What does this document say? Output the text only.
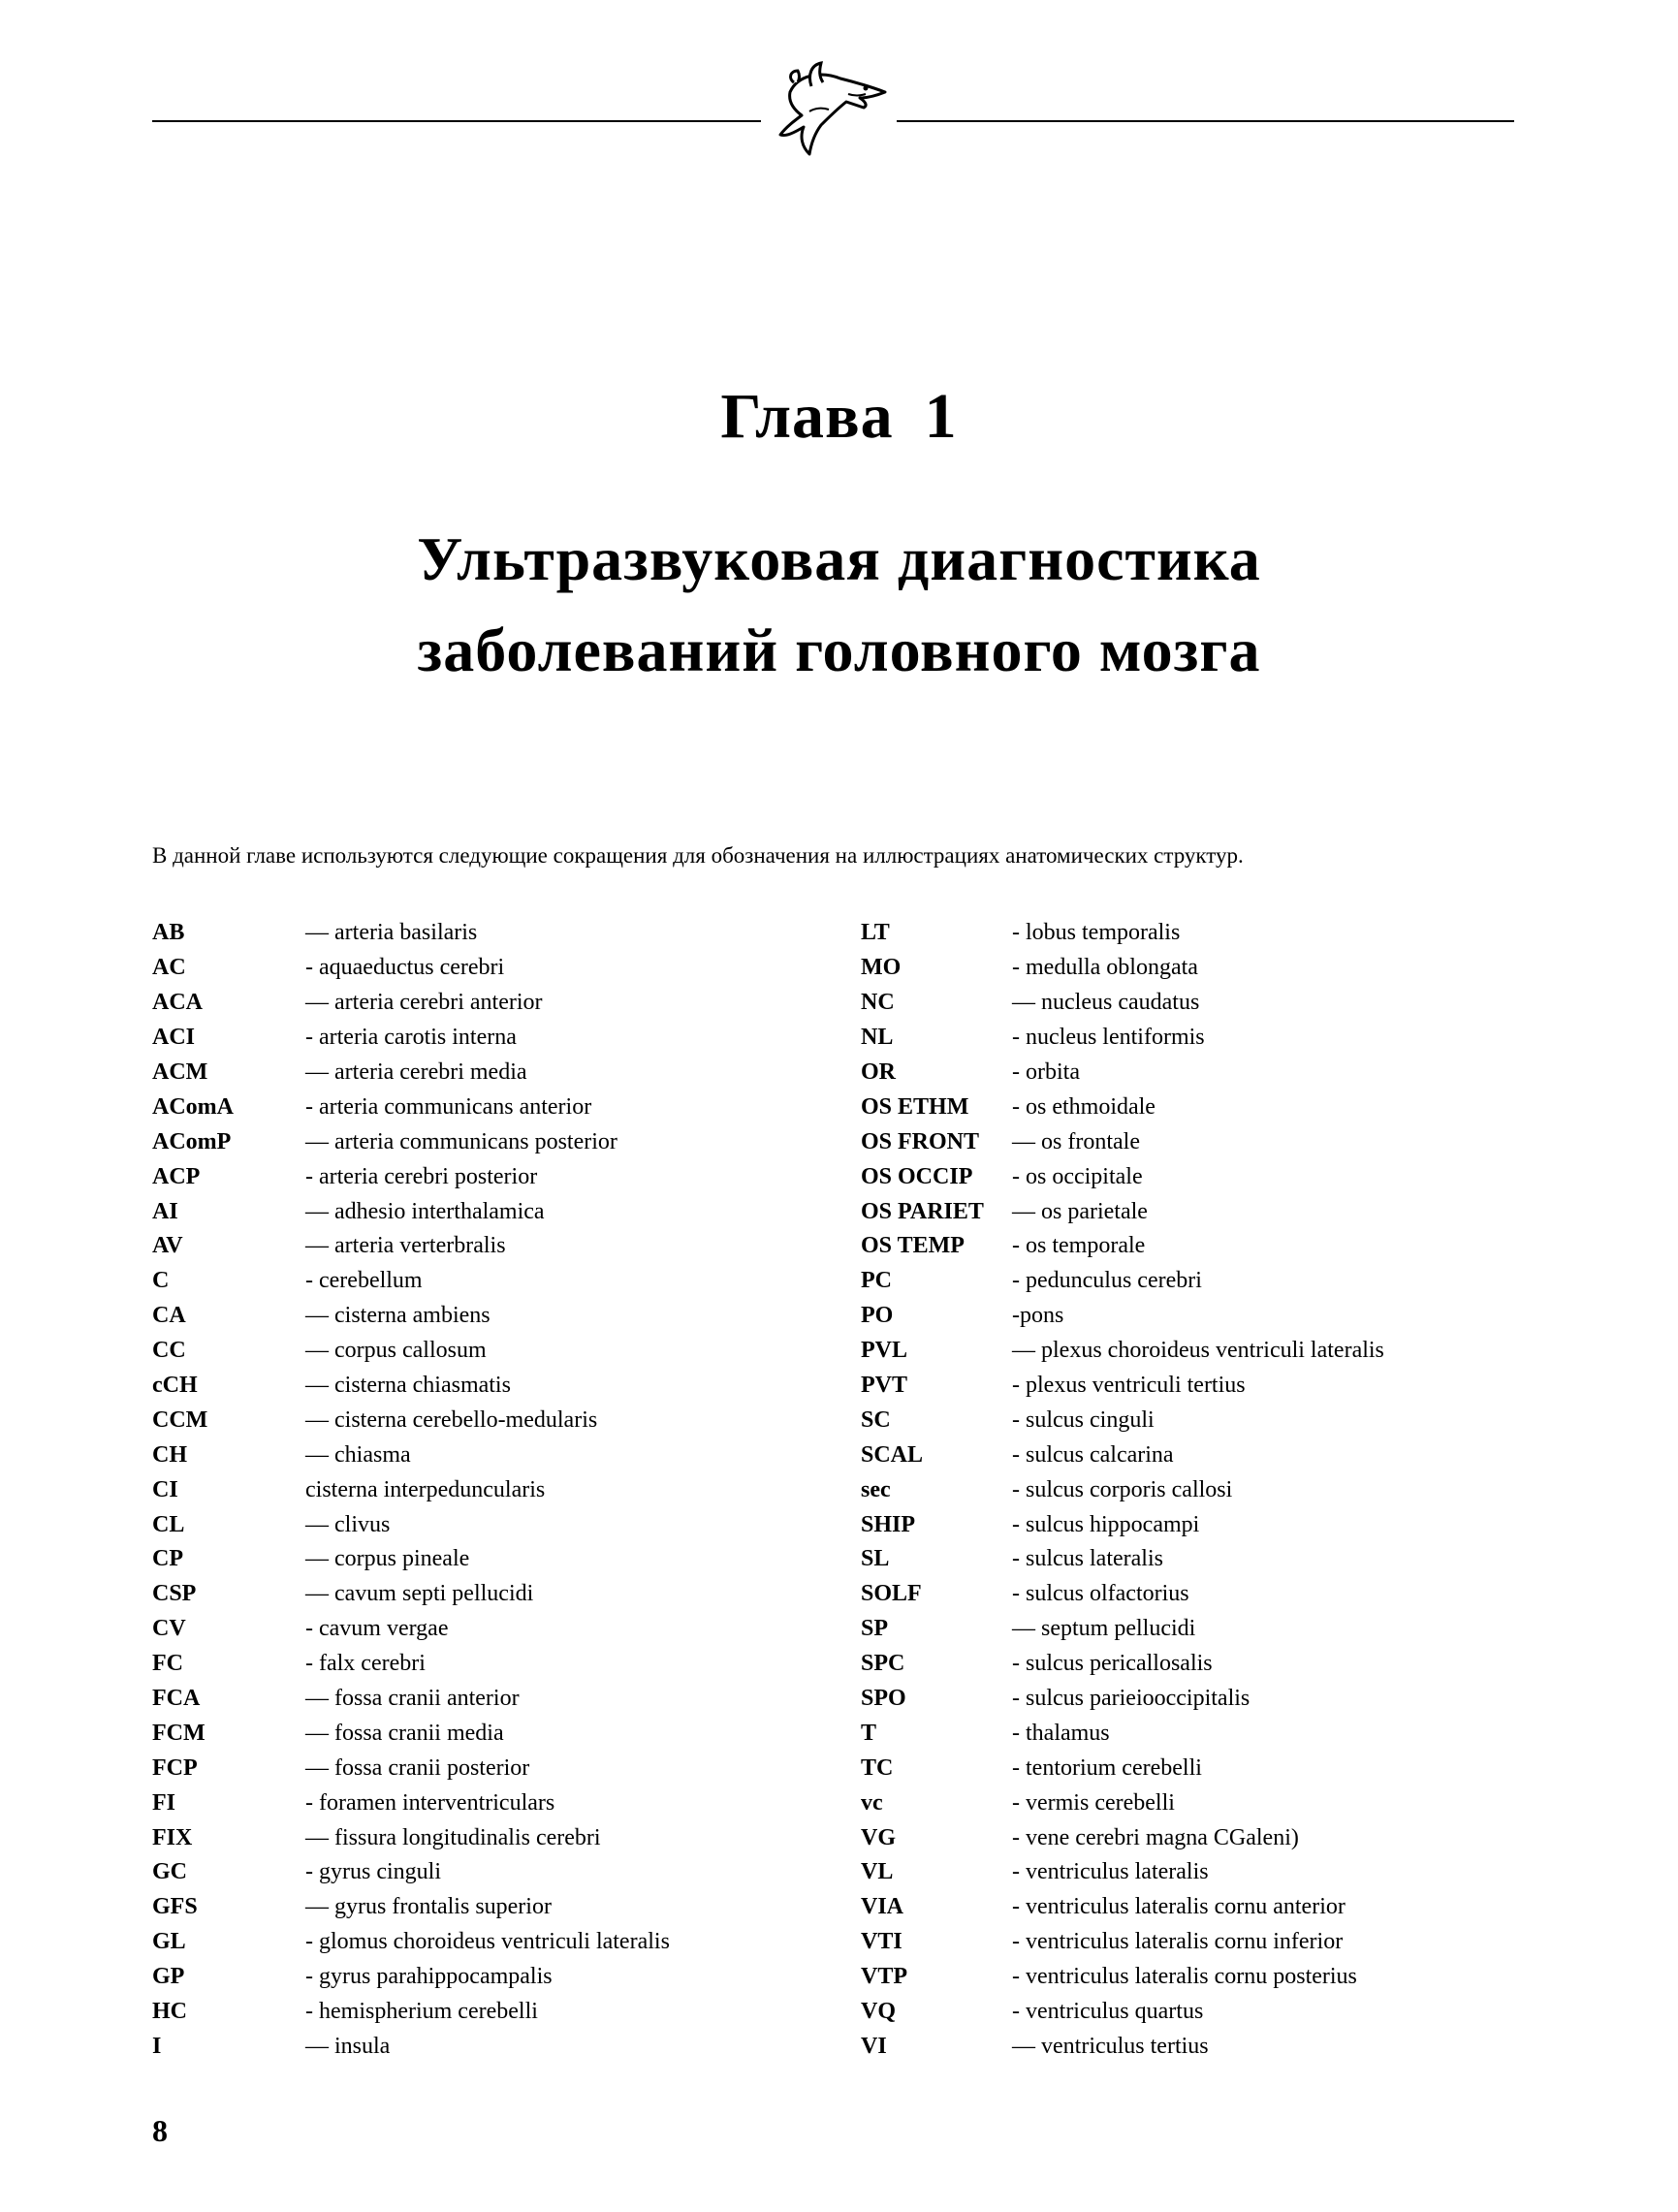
Глава 1
Ультразвуковая диагностика
заболеваний головного мозга
В данной главе используются следующие сокращения для обозначения на иллюстрациях анатомических структур.
AB	— arteria basilaris
AC	- aquaeductus cerebri
ACA	— arteria cerebri anterior
ACI	- arteria carotis interna
ACM	— arteria cerebri media
AComA	- arteria communicans anterior
AComP	— arteria communicans posterior
ACP	- arteria cerebri posterior
AI	— adhesio interthalamica
AV	— arteria verterbralis
C	- cerebellum
CA	— cisterna ambiens
CC	— corpus callosum
cCH	— cisterna chiasmatis
CCM	— cisterna cerebello-medularis
CH	— chiasma
CI	cisterna interpeduncularis
CL	— clivus
CP	— corpus pineale
CSP	— cavum septi pellucidi
CV	- cavum vergae
FC	- falx cerebri
FCA	— fossa cranii anterior
FCM	— fossa cranii media
FCP	— fossa cranii posterior
FI	- foramen interventriculars
FIX	— fissura longitudinalis cerebri
GC	- gyrus cinguli
GFS	— gyrus frontalis superior
GL	- glomus choroideus ventriculi lateralis
GP	- gyrus parahippocampalis
HC	- hemispherium cerebelli
I	— insula
LT	- lobus temporalis
MO	- medulla oblongata
NC	— nucleus caudatus
NL	- nucleus lentiformis
OR	- orbita
OS ETHM	- os ethmoidale
OS FRONT	— os frontale
OS OCCIP	- os occipitale
OS PARIET	— os parietale
OS TEMP	- os temporale
PC	- pedunculus cerebri
PO	-pons
PVL	— plexus choroideus ventriculi lateralis
PVT	- plexus ventriculi tertius
SC	- sulcus cinguli
SCAL	- sulcus calcarina
sec	- sulcus corporis callosi
SHIP	- sulcus hippocampi
SL	- sulcus lateralis
SOLF	- sulcus olfactorius
SP	— septum pellucidi
SPC	- sulcus pericallosalis
SPO	- sulcus parieiooccipitalis
T	- thalamus
TC	- tentorium cerebelli
vc	- vermis cerebelli
VG	- vene cerebri magna CGaleni)
VL	- ventriculus lateralis
VIA	- ventriculus lateralis cornu anterior
VTI	- ventriculus lateralis cornu inferior
VTP	- ventriculus lateralis cornu posterius
VQ	- ventriculus quartus
VI	— ventriculus tertius
8
